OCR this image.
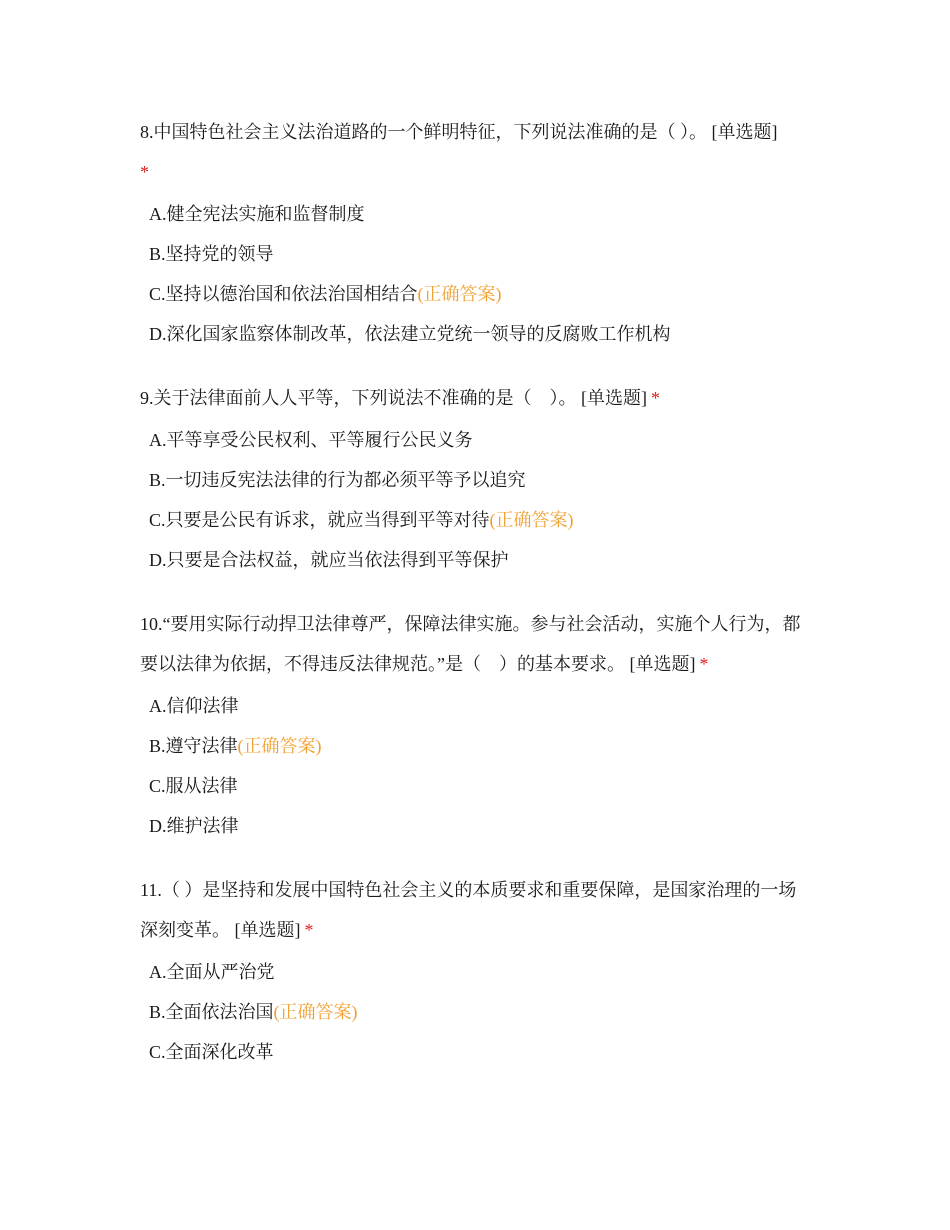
8.中国特色社会主义法治道路的一个鲜明特征，下列说法准确的是（ ）。 [单选题]
*
A.健全宪法实施和监督制度
B.坚持党的领导
C.坚持以德治国和依法治国相结合(正确答案)
D.深化国家监察体制改革，依法建立党统一领导的反腐败工作机构
9.关于法律面前人人平等，下列说法不准确的是（　）。 [单选题] *
A.平等享受公民权利、平等履行公民义务
B.一切违反宪法法律的行为都必须平等予以追究
C.只要是公民有诉求，就应当得到平等对待(正确答案)
D.只要是合法权益，就应当依法得到平等保护
10.“要用实际行动捍卫法律尊严，保障法律实施。参与社会活动，实施个人行为，都要以法律为依据，不得违反法律规范。”是（　）的基本要求。 [单选题] *
A.信仰法律
B.遵守法律(正确答案)
C.服从法律
D.维护法律
11.（ ）是坚持和发展中国特色社会主义的本质要求和重要保障，是国家治理的一场深刻变革。 [单选题] *
A.全面从严治党
B.全面依法治国(正确答案)
C.全面深化改革
